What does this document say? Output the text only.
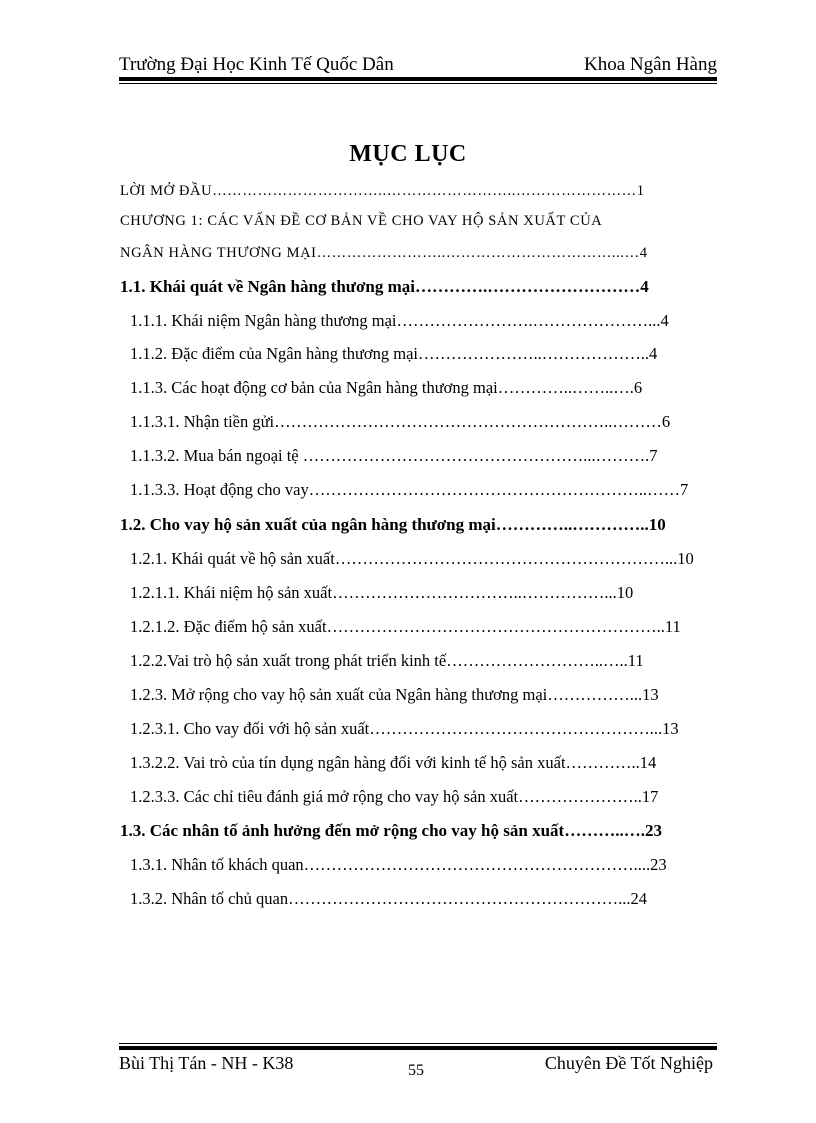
Trường Đại Học Kinh Tế Quốc Dân	Khoa Ngân Hàng
MỤC LỤC
LỜI MỞ ĐẦU……………………………..……………………..……………………1
CHƯƠNG 1: CÁC VẤN ĐỀ CƠ BẢN VỀ CHO VAY HỘ SẢN XUẤT CỦA
NGÂN HÀNG THƯƠNG MẠI……………………..……………………………...…4
1.1. Khái quát về Ngân hàng thương mại………….………………………4
1.1.1. Khái niệm Ngân hàng thương mại…………………….…………………...4
1.1.2. Đặc điểm của Ngân hàng thương mại…………………..………………..4
1.1.3. Các hoạt động cơ bản của Ngân hàng thương mại…………..……..….6
1.1.3.1. Nhận tiền gửi……………………………………………………..………6
1.1.3.2. Mua bán ngoại tệ ……………………………………………...……….7
1.1.3.3. Hoạt động cho vay……………………………………………………..……7
1.2. Cho vay hộ sản xuất của ngân hàng thương mại…………..…………..10
1.2.1. Khái quát về hộ sản xuất……………………………………………………...10
1.2.1.1. Khái niệm hộ sản xuất……………………………..……………...10
1.2.1.2. Đặc điểm hộ sản xuất……………………………………………………..11
1.2.2.Vai trò hộ sản xuất trong phát triển kinh tế………………………..…..11
1.2.3. Mở rộng cho vay hộ sản xuất của Ngân hàng thương mại……………...13
1.2.3.1. Cho vay đối với hộ sản xuất……………………………………………...13
1.3.2.2. Vai trò của tín dụng ngân hàng đối với kinh tế hộ sản xuất…………..14
1.2.3.3. Các chỉ tiêu đánh giá mở rộng cho vay hộ sản xuất…………………..17
1.3. Các nhân tố ảnh hưởng đến mở rộng cho vay hộ sản xuất………..….23
1.3.1. Nhân tố khách quan……………………………………………………....23
1.3.2. Nhân tố chủ quan……………………………………………………...24
Bùi Thị Tán - NH - K38	55	Chuyên Đề Tốt Nghiệp
